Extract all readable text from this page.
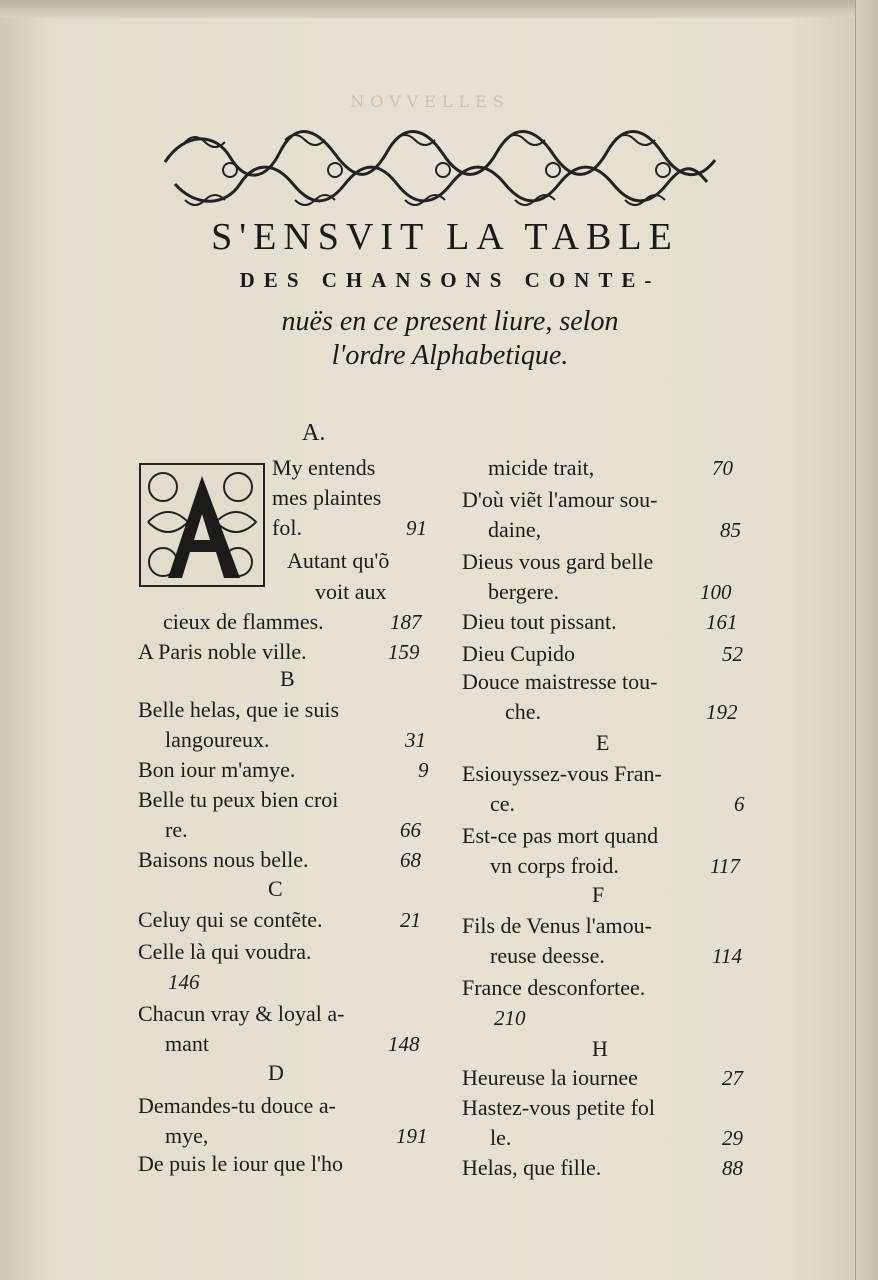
NOVVELLES
S'ENSVIT LA TABLE
DES CHANSONS CONTE-
nuës en ce present liure, selon
l'ordre Alphabetique.
A.
My entends
mes plaintes
fol.	91
Autant qu'õ
voit aux
cieux de flammes.	187
A Paris noble ville.	159
B
Belle helas, que ie suis
langoureux.	31
Bon iour m'amye.	9
Belle tu peux bien croi
re.	66
Baisons nous belle.	68
C
Celuy qui se contẽte.	21
Celle là qui voudra.
146
Chacun vray & loyal a-
mant	148
D
Demandes-tu douce a-
mye,	191
De puis le iour que l'ho
micide trait,	70
D'où viẽt l'amour sou-
daine,	85
Dieus vous gard belle
bergere.	100
Dieu tout pissant.	161
Dieu Cupido	52
Douce maistresse tou-
che.	192
E
Esiouyssez-vous Fran-
ce.	6
Est-ce pas mort quand
vn corps froid.	117
F
Fils de Venus l'amou-
reuse deesse.	114
France desconfortee.
210
H
Heureuse la iournee	27
Hastez-vous petite fol
le.	29
Helas, que fille.	88
